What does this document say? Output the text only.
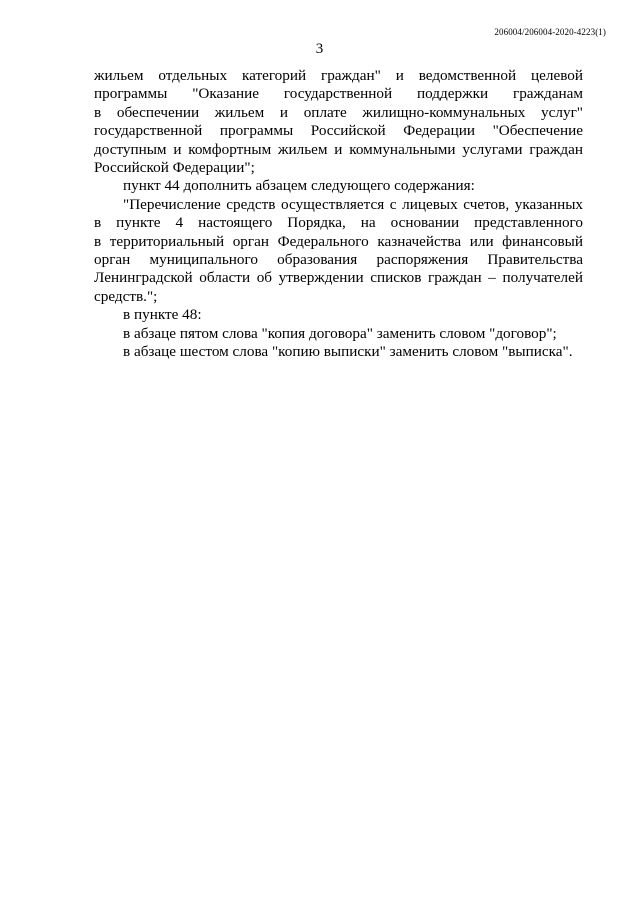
206004/206004-2020-4223(1)
3

жильем отдельных категорий граждан" и ведомственной целевой
программы "Оказание государственной поддержки гражданам
в обеспечении жильем и оплате жилищно-коммунальных услуг"
государственной программы Российской Федерации "Обеспечение
доступным и комфортным жильем и коммунальными услугами граждан
Российской Федерации";

пункт 44 дополнить абзацем следующего содержания:

"Перечисление средств осуществляется с лицевых счетов, указанных
в пункте 4 настоящего Порядка, на основании представленного
в территориальный орган Федерального казначейства или финансовый
орган муниципального образования распоряжения Правительства
Ленинградской области об утверждении списков граждан – получателей
средств.";

в пункте 48:

в абзаце пятом слова "копия договора" заменить словом "договор";

в абзаце шестом слова "копию выписки" заменить словом "выписка".
